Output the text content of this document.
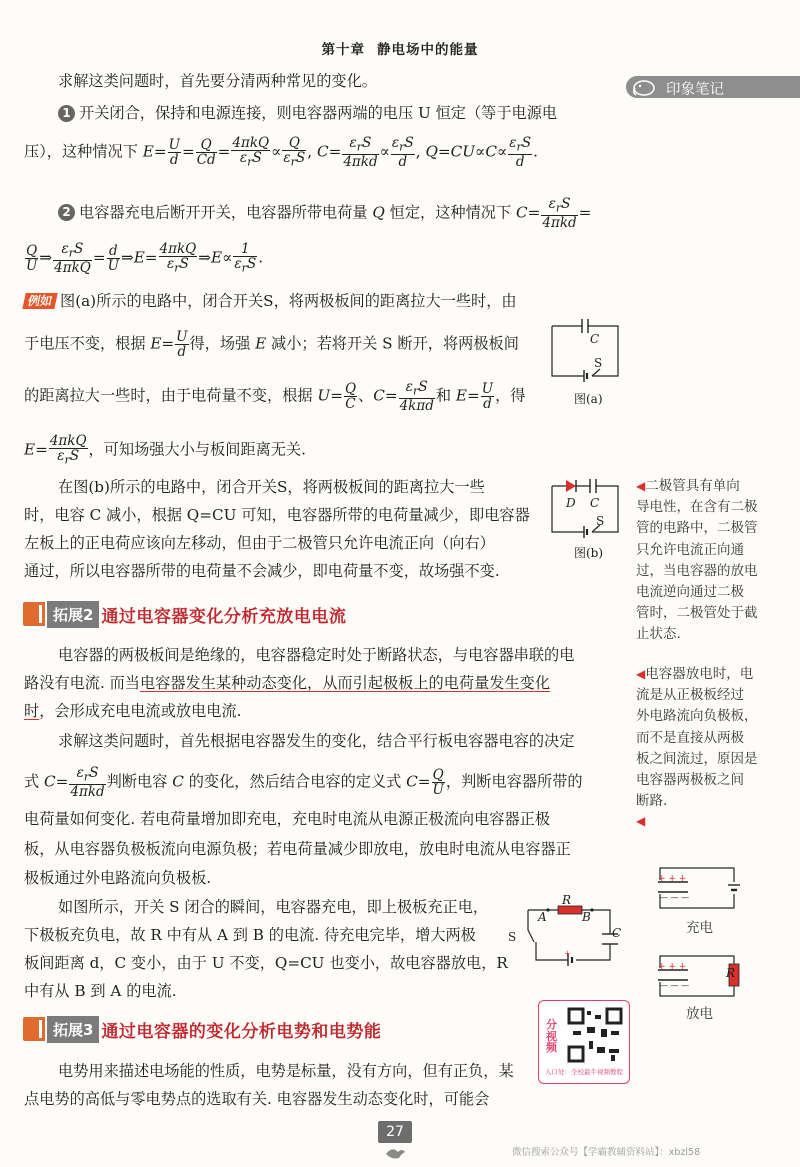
第十章 静电场中的能量
印象笔记
求解这类问题时，首先要分清两种常见的变化。
1 开关闭合，保持和电源连接，则电容器两端的电压 U 恒定（等于电源电
压），这种情况下 $E= \frac{U}{d} = \frac{Q}{Cd} = 4\pi kQ$
$\varepsilon_rS \propto Q$
$\varepsilon_rS$ , $C= \varepsilon_rS$
4πkd
∝ $\varepsilon_rS$
d
, $Q=CU\propto C\propto \varepsilon_rS$
d
.
2 电容器充电后断开开关，电容器所带电荷量 Q 恒定，这种情况下 $C= \varepsilon_rS$
4πkd
=
$\frac{Q}{U}$ ⇒ $\varepsilon_rS$
4πkQ
= $\frac{d}{U}$ ⇒E= 4πkQ
$\varepsilon_rS$ ⇒E∝ 1
$\varepsilon_rS$ .
例如 图(a)所示的电路中，闭合开关S，将两极板间的距离拉大一些时，由
于电压不变，根据 $E= \frac{U}{d}$ 得，场强 E 减小；若将开关 S 断开，将两极板间
的距离拉大一些时，由于电荷量不变，根据 $U= \frac{Q}{C}$ 、$C= \varepsilon_rS$
4kπd
和 $E= \frac{U}{d}$ ，得
E= 4πkQ
$\varepsilon_rS$ ，可知场强大小与板间距离无关.
C
S
图(a)
在图(b)所示的电路中，闭合开关S，将两极板间的距离拉大一些
时，电容 C 减小，根据 Q=CU 可知，电容器所带的电荷量减少，即电容器
左板上的正电荷应该向左移动，但由于二极管只允许电流正向（向右）
通过，所以电容器所带的电荷量不会减少，即电荷量不变，故场强不变.
D C
S
图(b)
◀二极管具有单向
导电性，在含有二极
管的电路中，二极管
只允许电流正向通
过，当电容器的放电
电流逆向通过二极
管时，二极管处于截
止状态.
拓展2 通过电容器变化分析充放电电流
电容器的两极板间是绝缘的，电容器稳定时处于断路状态，与电容器串联的电
路没有电流. 而当电容器发生某种动态变化，从而引起极板上的电荷量发生变化
时，会形成充电电流或放电电流.
求解这类问题时，首先根据电容器发生的变化，结合平行板电容器电容的决定
式 $C= \varepsilon_rS$
4πkd
判断电容 C 的变化，然后结合电容的定义式 $C= \frac{Q}{U}$ ，判断电容器所带的
电荷量如何变化. 若电荷量增加即充电，充电时电流从电源正极流向电容器正极
板，从电容器负极板流向电源负极；若电荷量减少即放电，放电时电流从电容器正
极板通过外电路流向负极板.
如图所示，开关 S 闭合的瞬间，电容器充电，即上极板充正电，
下极板充负电，故 R 中有从 A 到 B 的电流. 待充电完毕，增大两极
板间距离 d，C 变小，由于 U 不变，Q=CU 也变小，故电容器放电，R
中有从 B 到 A 的电流.
+
R
A	B
S	C
◀电容器放电时，电
流是从正极板经过
外电路流向负极板，
而不是直接从两极
板之间流过，原因是
电容器两极板之间
断路.
◀
+ + +
— — —
充电
+ + +
— — —
R
放电
拓展3 通过电容器的变化分析电势和电势能
电势用来描述电场能的性质，电势是标量，没有方向，但有正负，某
点电势的高低与零电势点的选取有关. 电容器发生动态变化时，可能会
入口处：全校最牛视频教程
分视频
27
微信搜索公众号【学霸教辅资料站】：xbzl58
